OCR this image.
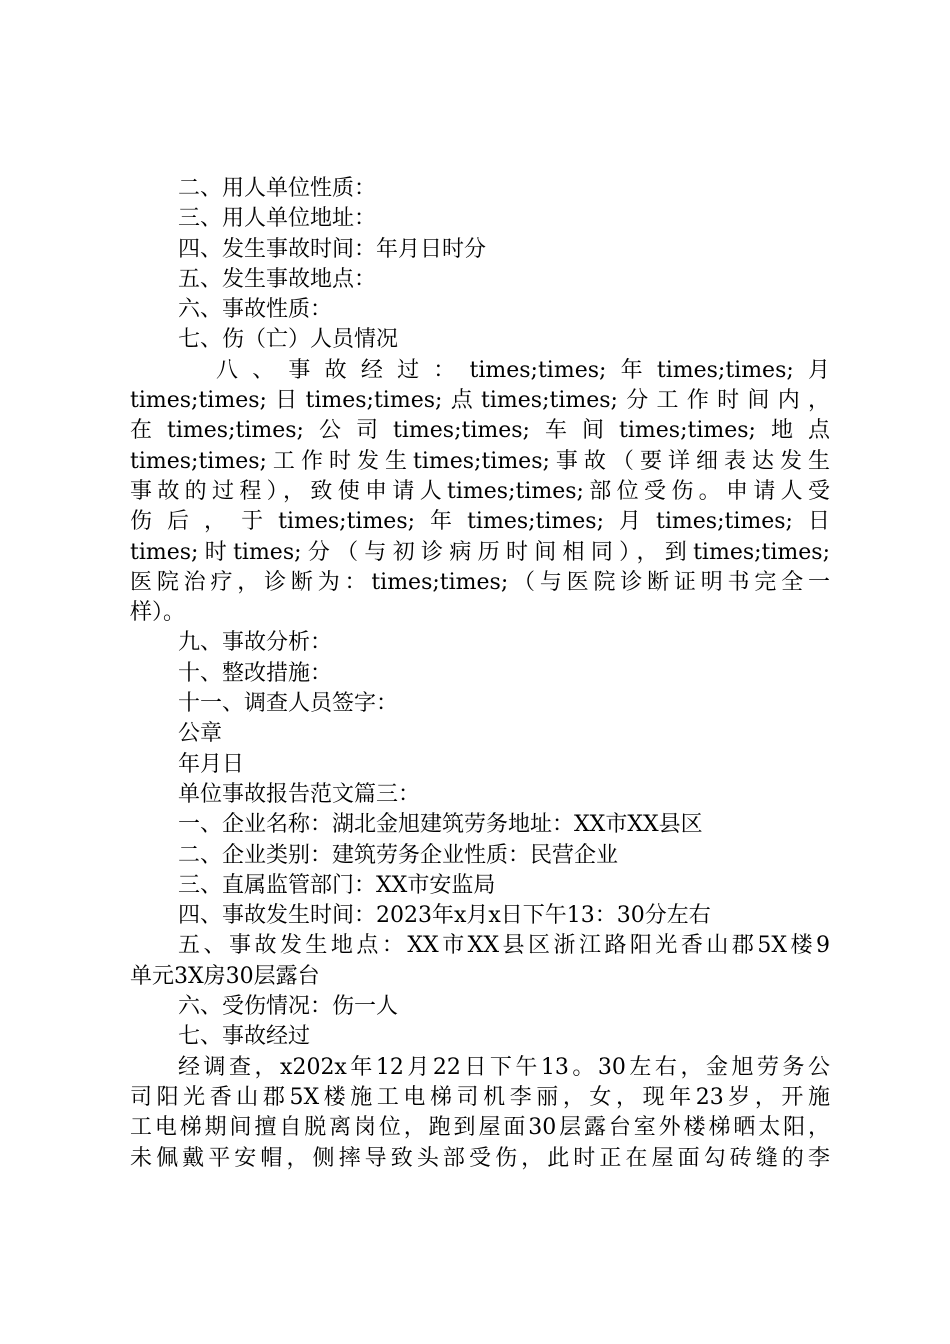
二、用人单位性质：
三、用人单位地址：
四、发生事故时间：年月日时分
五、发生事故地点：
六、事故性质：
七、伤（亡）人员情况
八、事故经过：times;times;年times;times;月
times;times;日times;times;点times;times;分工作时间内，
在times;times;公司times;times;车间times;times;地点
times;times;工作时发生times;times;事故（要详细表达发生
事故的过程），致使申请人times;times;部位受伤。申请人受
伤后，于times;times;年times;times;月times;times;日
times;时times;分（与初诊病历时间相同），到times;times;
医院治疗，诊断为：times;times;（与医院诊断证明书完全一
样）。
九、事故分析：
十、整改措施：
十一、调查人员签字：
公章
年月日
单位事故报告范文篇三：
一、企业名称：湖北金旭建筑劳务地址：XX市XX县区
二、企业类别：建筑劳务企业性质：民营企业
三、直属监管部门：XX市安监局
四、事故发生时间：2023年x月x日下午13：30分左右
五、事故发生地点：XX市XX县区浙江路阳光香山郡5X楼9
单元3X房30层露台
六、受伤情况：伤一人
七、事故经过
经调查，x202x年12月22日下午13。30左右，金旭劳务公
司阳光香山郡5X楼施工电梯司机李丽，女，现年23岁，开施
工电梯期间擅自脱离岗位，跑到屋面30层露台室外楼梯晒太阳，
未佩戴平安帽，侧摔导致头部受伤，此时正在屋面勾砖缝的李
